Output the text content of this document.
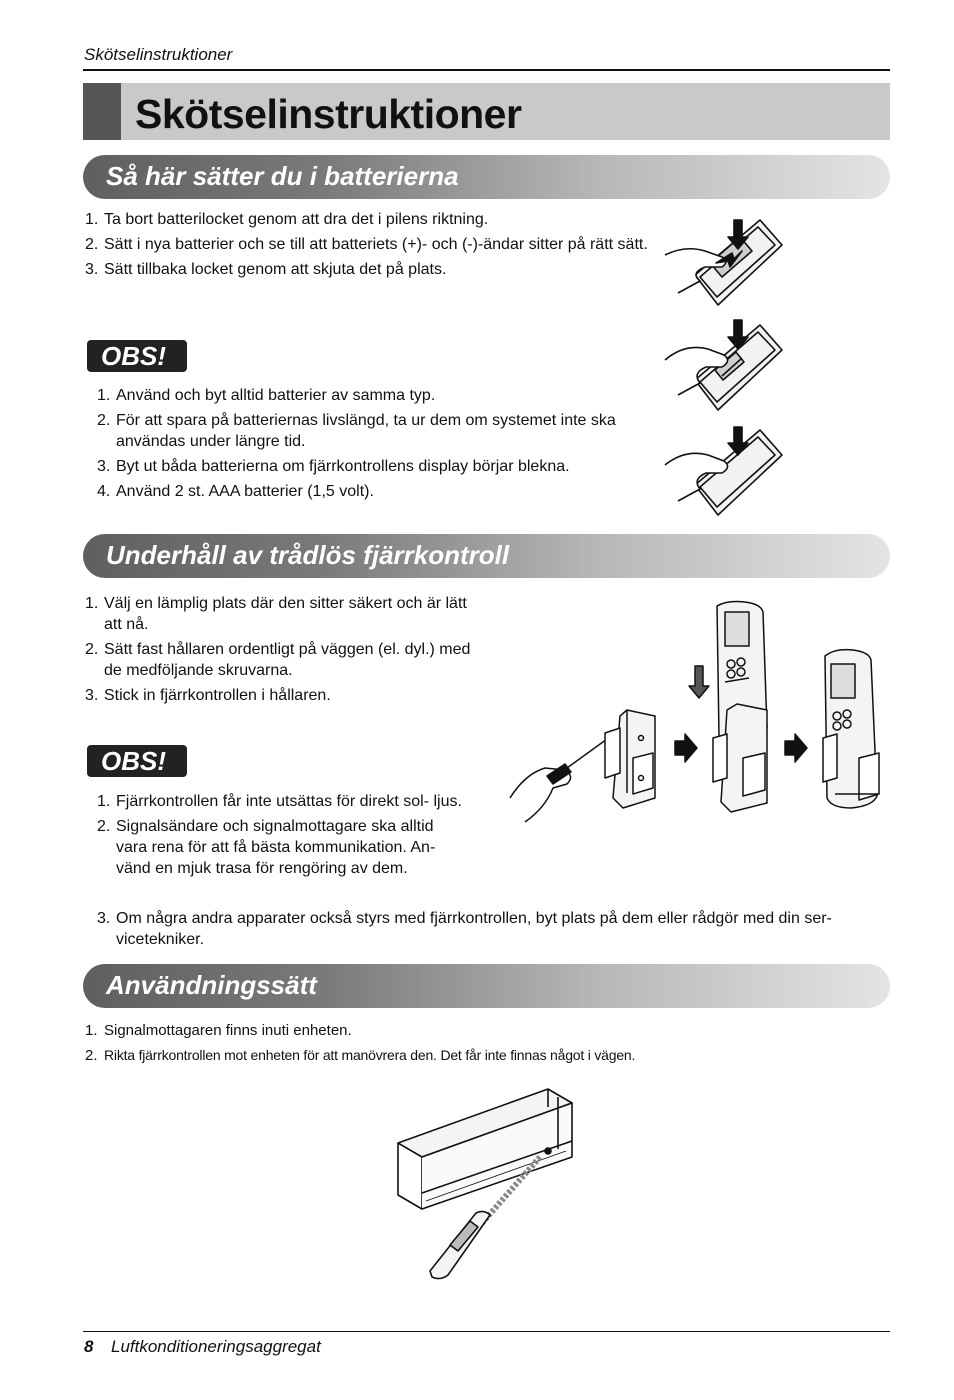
Skötselinstruktioner
Skötselinstruktioner
Så här sätter du i batterierna
1. Ta bort batterilocket genom att dra det i pilens riktning.
2. Sätt i nya batterier och se till att batteriets (+)- och (-)-ändar sitter på rätt sätt.
3. Sätt tillbaka locket genom att skjuta det på plats.
OBS!
1. Använd och byt alltid batterier av samma typ.
2. För att spara på batteriernas livslängd, ta ur dem om systemet inte ska användas under längre tid.
3. Byt ut båda batterierna om fjärrkontrollens display börjar blekna.
4. Använd 2 st. AAA batterier (1,5 volt).
Underhåll av trådlös fjärrkontroll
1. Välj en lämplig plats där den sitter säkert och är lätt att nå.
2. Sätt fast hållaren ordentligt på väggen (el. dyl.) med de medföljande skruvarna.
3. Stick in fjärrkontrollen i hållaren.
OBS!
1. Fjärrkontrollen får inte utsättas för direkt sol- ljus.
2. Signalsändare och signalmottagare ska alltid vara rena för att få bästa kommunikation. An- vänd en mjuk trasa för rengöring av dem.
3. Om några andra apparater också styrs med fjärrkontrollen, byt plats på dem eller rådgör med din ser- vicetekniker.
Användningssätt
1. Signalmottagaren finns inuti enheten.
2. Rikta fjärrkontrollen mot enheten för att manövrera den. Det får inte finnas något i vägen.
8 Luftkonditioneringsaggregat
